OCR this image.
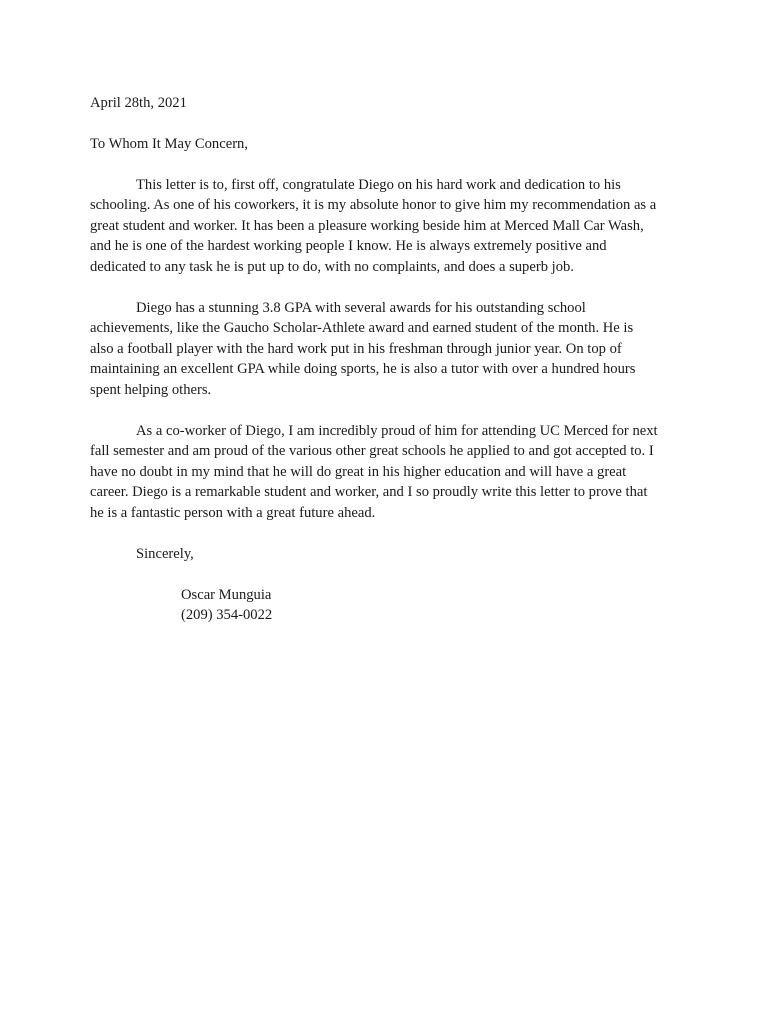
April 28th, 2021
To Whom It May Concern,
This letter is to, first off, congratulate Diego on his hard work and dedication to his
schooling. As one of his coworkers, it is my absolute honor to give him my recommendation as a
great student and worker. It has been a pleasure working beside him at Merced Mall Car Wash,
and he is one of the hardest working people I know. He is always extremely positive and
dedicated to any task he is put up to do, with no complaints, and does a superb job.
Diego has a stunning 3.8 GPA with several awards for his outstanding school
achievements, like the Gaucho Scholar-Athlete award and earned student of the month. He is
also a football player with the hard work put in his freshman through junior year. On top of
maintaining an excellent GPA while doing sports, he is also a tutor with over a hundred hours
spent helping others.
As a co-worker of Diego, I am incredibly proud of him for attending UC Merced for next
fall semester and am proud of the various other great schools he applied to and got accepted to. I
have no doubt in my mind that he will do great in his higher education and will have a great
career. Diego is a remarkable student and worker, and I so proudly write this letter to prove that
he is a fantastic person with a great future ahead.
Sincerely,
Oscar Munguia
(209) 354-0022
